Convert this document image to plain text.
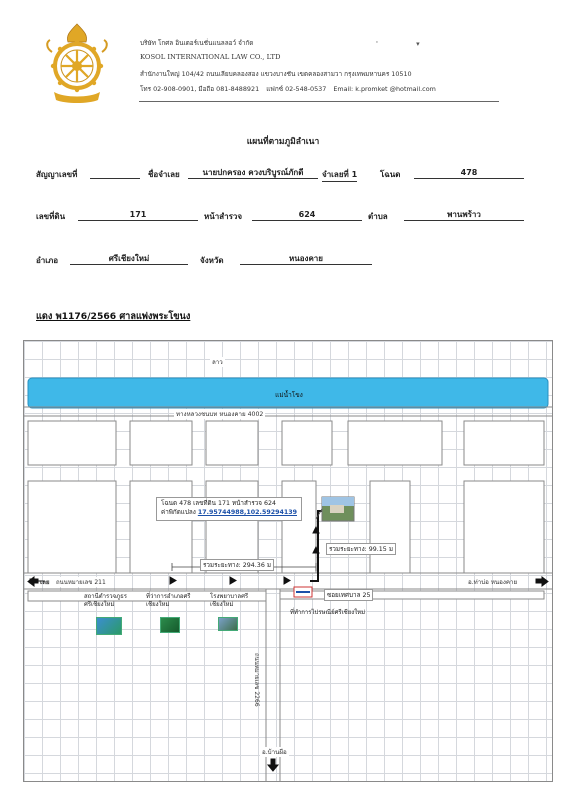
บริษัท โกศล อินเตอร์เนชั่นแนลลอว์ จำกัด
KOSOL INTERNATIONAL LAW CO., LTD
สำนักงานใหญ่ 104/42 ถนนเลียบคลองสอง แขวงบางชัน เขตคลองสามวา กรุงเทพมหานคร 10510
โทร 02-908-0901, มือถือ 081-8488921 แฟกซ์ 02-548-0537 Email: k.promket @hotmail.com
' ▾
แผนที่ตามภูมิลำเนา
สัญญาเลขที่	ชื่อจำเลย	นายปกครอง ควงบริบูรณ์ภักดี	จำเลยที่ 1	โฉนด	478
เลขที่ดิน	171	หน้าสำรวจ	624	ตำบล	พานพร้าว
อำเภอ	ศรีเชียงใหม่	จังหวัด	หนองคาย
แดง พ1176/2566 ศาลแพ่งพระโขนง
ลาว
แม่น้ำโขง
ทางหลวงชนบท หนองคาย 4002
ถนนหมายเลข 211
ถนนหมายเลข 2266
เลย	อ.ท่าบ่อ หนองคาย
อ.บ้านผือ
รวมระยะทาง: 294.36 ม
รวมระยะทาง: 99.15 ม
ซอยเทศบาล 25
โฉนด 478 เลขที่ดิน 171 หน้าสำรวจ 624
ค่าพิกัดแปลง 17.95744988,102.59294139
ที่ทำการไปรษณีย์ศรีเชียงใหม่
สถานีตำรวจภูธร
ศรีเชียงใหม่
ที่ว่าการอำเภอศรี
เชียงใหม่
โรงพยาบาลศรี
เชียงใหม่
